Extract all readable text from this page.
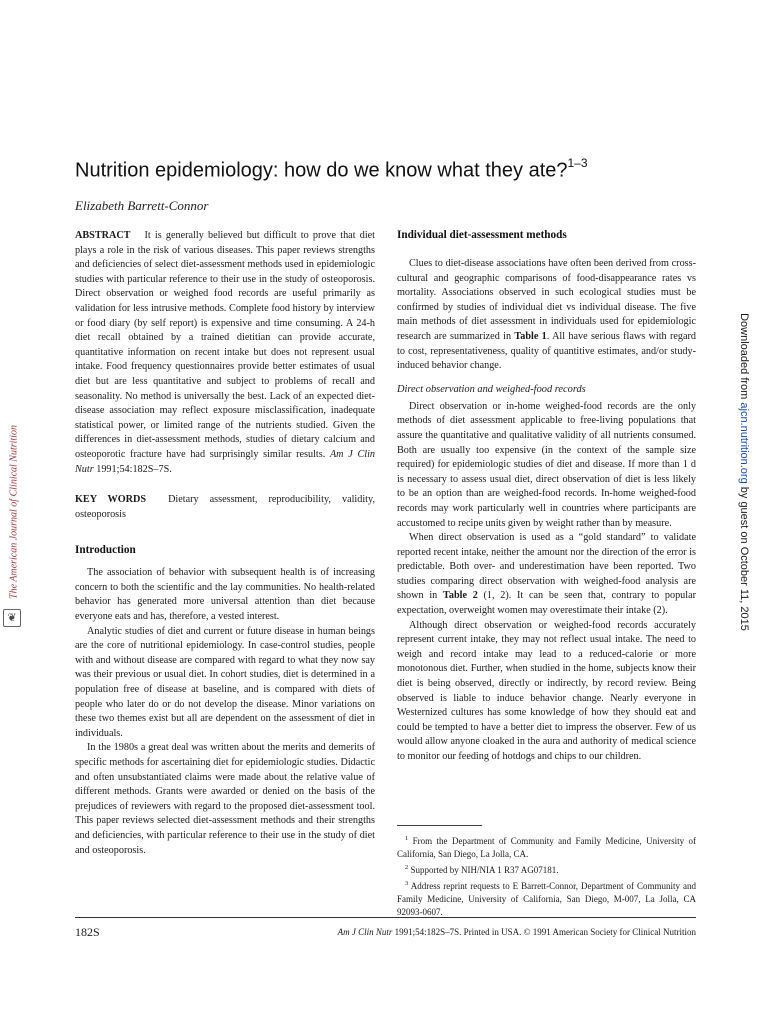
Nutrition epidemiology: how do we know what they ate?$^{1-3}$
Elizabeth Barrett-Connor

ABSTRACT It is generally believed but difficult to prove that diet plays a role in the risk of various diseases. This paper reviews strengths and deficiencies of select diet-assessment methods used in epidemiologic studies with particular reference to their use in the study of osteoporosis. Direct observation or weighed food records are useful primarily as validation for less intrusive methods. Complete food history by interview or food diary (by self report) is expensive and time consuming. A 24-h diet recall obtained by a trained dietitian can provide accurate, quantitative information on recent intake but does not represent usual intake. Food frequency questionnaires provide better estimates of usual diet but are less quantitative and subject to problems of recall and seasonality. No method is universally the best. Lack of an expected diet-disease association may reflect exposure misclassification, inadequate statistical power, or limited range of the nutrients studied. Given the differences in diet-assessment methods, studies of dietary calcium and osteoporotic fracture have had surprisingly similar results. Am J Clin Nutr 1991;54:182S–7S.

KEY WORDS Dietary assessment, reproducibility, validity, osteoporosis

Introduction

The association of behavior with subsequent health is of increasing concern to both the scientific and the lay communities. No health-related behavior has generated more universal attention than diet because everyone eats and has, therefore, a vested interest.

Analytic studies of diet and current or future disease in human beings are the core of nutritional epidemiology. In case-control studies, people with and without disease are compared with regard to what they now say was their previous or usual diet. In cohort studies, diet is determined in a population free of disease at baseline, and is compared with diets of people who later do or do not develop the disease. Minor variations on these two themes exist but all are dependent on the assessment of diet in individuals.

In the 1980s a great deal was written about the merits and demerits of specific methods for ascertaining diet for epidemiologic studies. Didactic and often unsubstantiated claims were made about the relative value of different methods. Grants were awarded or denied on the basis of the prejudices of reviewers with regard to the proposed diet-assessment tool. This paper reviews selected diet-assessment methods and their strengths and deficiencies, with particular reference to their use in the study of diet and osteoporosis.

Individual diet-assessment methods

Clues to diet-disease associations have often been derived from cross-cultural and geographic comparisons of food-disappearance rates vs mortality. Associations observed in such ecological studies must be confirmed by studies of individual diet vs individual disease. The five main methods of diet assessment in individuals used for epidemiologic research are summarized in Table 1. All have serious flaws with regard to cost, representativeness, quality of quantitive estimates, and/or study-induced behavior change.

Direct observation and weighed-food records

Direct observation or in-home weighed-food records are the only methods of diet assessment applicable to free-living populations that assure the quantitative and qualitative validity of all nutrients consumed. Both are usually too expensive (in the context of the sample size required) for epidemiologic studies of diet and disease. If more than 1 d is necessary to assess usual diet, direct observation of diet is less likely to be an option than are weighed-food records. In-home weighed-food records may work particularly well in countries where participants are accustomed to recipe units given by weight rather than by measure.

When direct observation is used as a “gold standard” to validate reported recent intake, neither the amount nor the direction of the error is predictable. Both over- and underestimation have been reported. Two studies comparing direct observation with weighed-food analysis are shown in Table 2 (1, 2). It can be seen that, contrary to popular expectation, overweight women may overestimate their intake (2).

Although direct observation or weighed-food records accurately represent current intake, they may not reflect usual intake. The need to weigh and record intake may lead to a reduced-calorie or more monotonous diet. Further, when studied in the home, subjects know their diet is being observed, directly or indirectly, by record review. Being observed is liable to induce behavior change. Nearly everyone in Westernized cultures has some knowledge of how they should eat and could be tempted to have a better diet to impress the observer. Few of us would allow anyone cloaked in the aura and authority of medical science to monitor our feeding of hotdogs and chips to our children.

$^1$ From the Department of Community and Family Medicine, University of California, San Diego, La Jolla, CA.

$^2$ Supported by NIH/NIA 1 R37 AG07181.

$^3$ Address reprint requests to E Barrett-Connor, Department of Community and Family Medicine, University of California, San Diego, M-007, La Jolla, CA 92093-0607.

182S	Am J Clin Nutr 1991;54:182S–7S. Printed in USA. © 1991 American Society for Clinical Nutrition
The American Journal of Clinical Nutrition
❦
Downloaded from ajcn.nutrition.org by guest on October 11, 2015
